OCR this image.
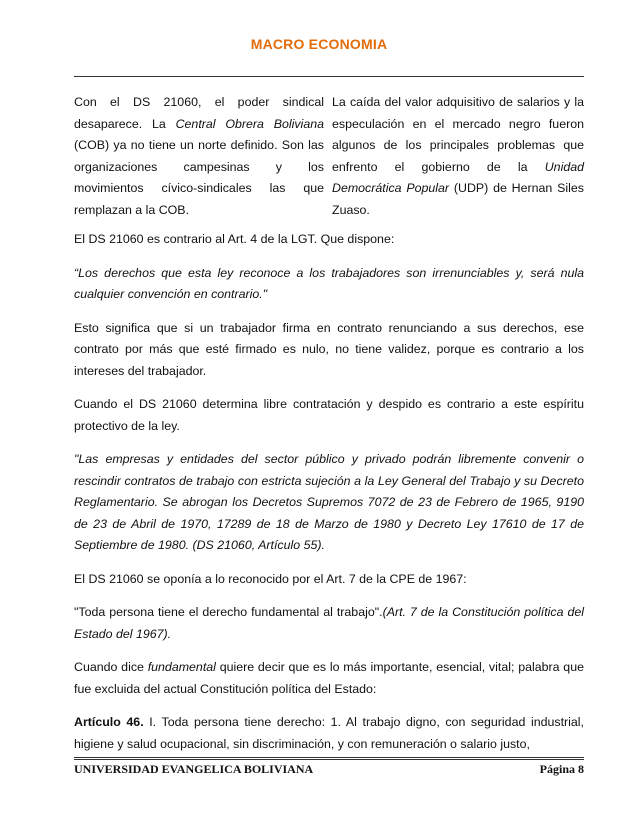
MACRO ECONOMIA

Con el DS 21060, el poder sindical desaparece. La Central Obrera Boliviana (COB) ya no tiene un norte definido. Son las organizaciones campesinas y los movimientos cívico-sindicales las que remplazan a la COB.

La caída del valor adquisitivo de salarios y la especulación en el mercado negro fueron algunos de los principales problemas que enfrento el gobierno de la Unidad Democrática Popular (UDP) de Hernan Siles Zuaso.

El DS 21060 es contrario al Art. 4 de la LGT. Que dispone:

“Los derechos que esta ley reconoce a los trabajadores son irrenunciables y, será nula cualquier convención en contrario."

Esto significa que si un trabajador firma en contrato renunciando a sus derechos, ese contrato por más que esté firmado es nulo, no tiene validez, porque es contrario a los intereses del trabajador.

Cuando el DS 21060 determina libre contratación y despido es contrario a este espíritu protectivo de la ley.

"Las empresas y entidades del sector público y privado podrán libremente convenir o rescindir contratos de trabajo con estricta sujeción a la Ley General del Trabajo y su Decreto Reglamentario. Se abrogan los Decretos Supremos 7072 de 23 de Febrero de 1965, 9190 de 23 de Abril de 1970, 17289 de 18 de Marzo de 1980 y Decreto Ley 17610 de 17 de Septiembre de 1980. (DS 21060, Artículo 55).

El DS 21060 se oponía a lo reconocido por el Art. 7 de la CPE de 1967:

"Toda persona tiene el derecho fundamental al trabajo".(Art. 7 de la Constitución política del Estado del 1967).

Cuando dice fundamental quiere decir que es lo más importante, esencial, vital; palabra que fue excluida del actual Constitución política del Estado:

Artículo 46. I. Toda persona tiene derecho: 1. Al trabajo digno, con seguridad industrial, higiene y salud ocupacional, sin discriminación, y con remuneración o salario justo,

UNIVERSIDAD EVANGELICA BOLIVIANA	Página 8
